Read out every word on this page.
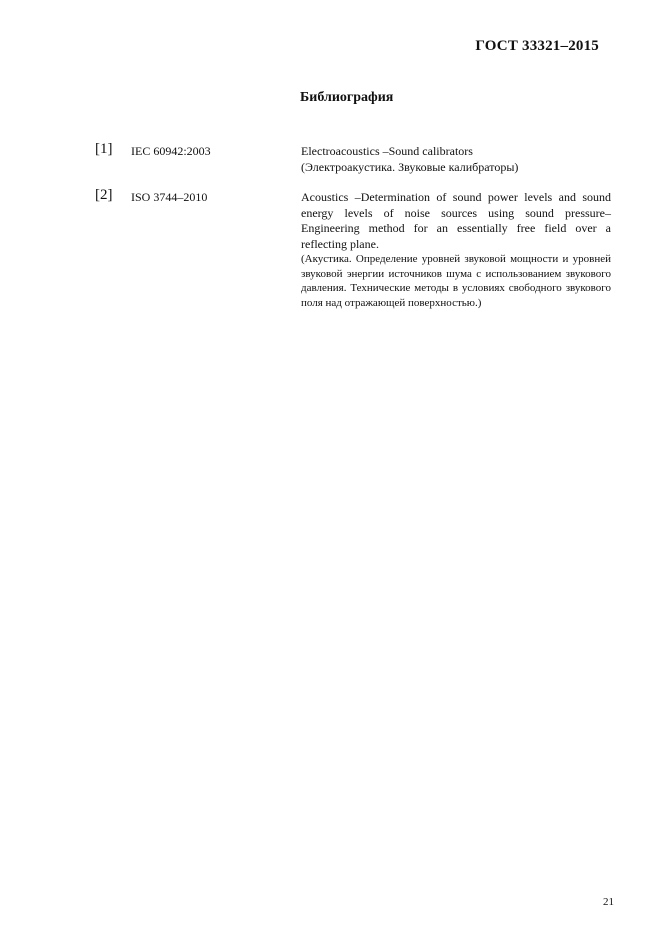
ГОСТ 33321–2015
Библиография
[1] IEC 60942:2003	Electroacoustics –Sound calibrators

(Электроакустика. Звуковые калибраторы)

[2] ISO 3744–2010	Acoustics –Determination of sound power levels and sound energy levels of noise sources using sound pressure–Engineering method for an essentially free field over a reflecting plane.

(Акустика. Определение уровней звуковой мощности и уровней звуковой энергии источников шума с использованием звукового давления. Технические методы в условиях свободного звукового поля над отражающей поверхностью.)

21
